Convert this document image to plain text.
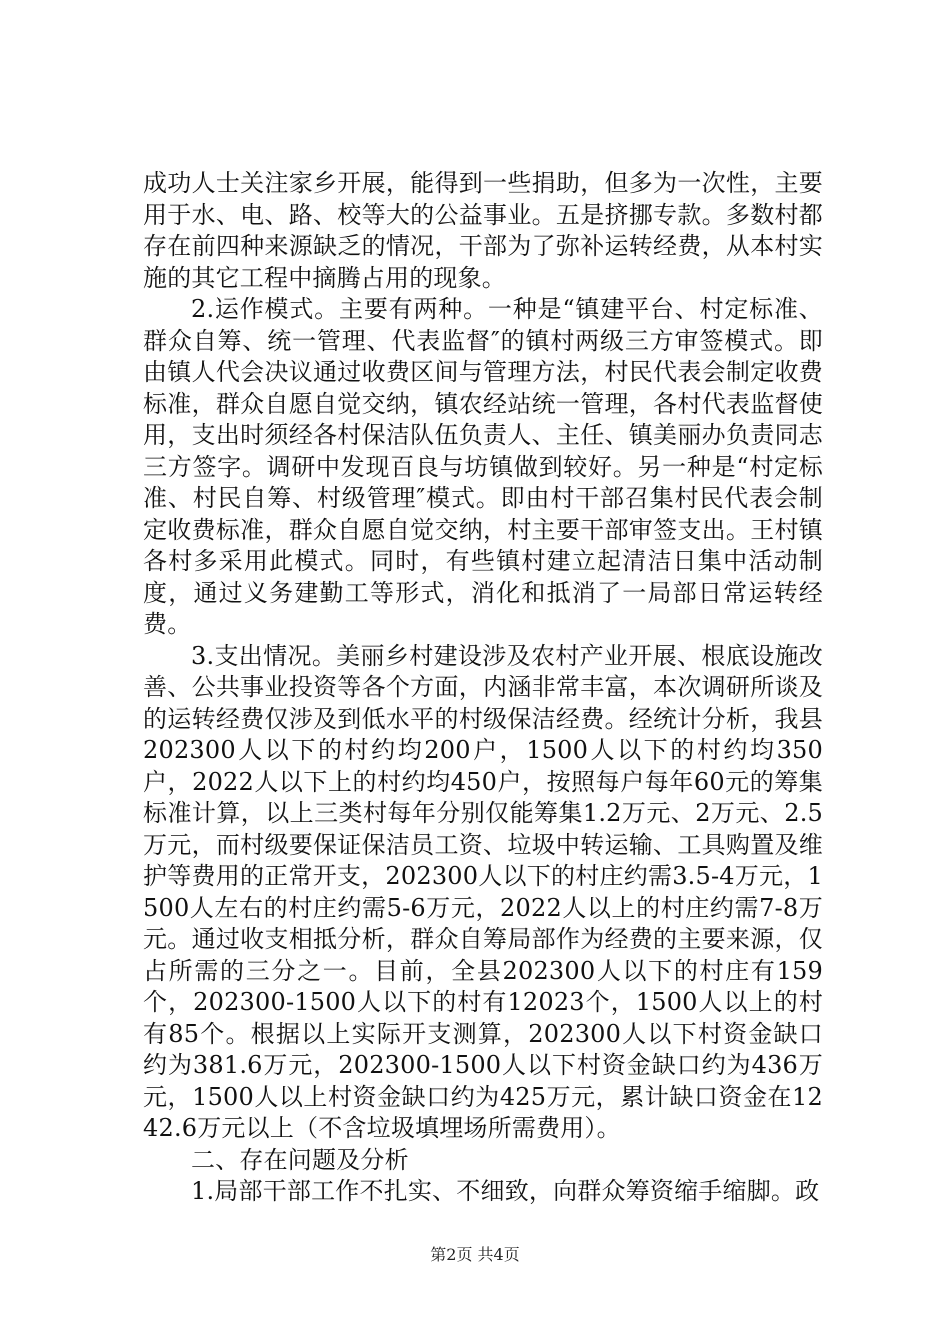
成功人士关注家乡开展，能得到一些捐助，但多为一次性，主要用于水、电、路、校等大的公益事业。五是挤挪专款。多数村都存在前四种来源缺乏的情况，干部为了弥补运转经费，从本村实施的其它工程中摘腾占用的现象。

2.运作模式。主要有两种。一种是“镇建平台、村定标准、群众自筹、统一管理、代表监督″的镇村两级三方审签模式。即由镇人代会决议通过收费区间与管理方法，村民代表会制定收费标准，群众自愿自觉交纳，镇农经站统一管理，各村代表监督使用，支出时须经各村保洁队伍负责人、主任、镇美丽办负责同志三方签字。调研中发现百良与坊镇做到较好。另一种是“村定标准、村民自筹、村级管理″模式。即由村干部召集村民代表会制定收费标准，群众自愿自觉交纳，村主要干部审签支出。王村镇各村多采用此模式。同时，有些镇村建立起清洁日集中活动制度，通过义务建勤工等形式，消化和抵消了一局部日常运转经费。

3.支出情况。美丽乡村建设涉及农村产业开展、根底设施改善、公共事业投资等各个方面，内涵非常丰富，本次调研所谈及的运转经费仅涉及到低水平的村级保洁经费。经统计分析，我县202300人以下的村约均200户，1500人以下的村约均350户，2022人以下上的村约均450户，按照每户每年60元的筹集标准计算，以上三类村每年分别仅能筹集1.2万元、2万元、2.5万元，而村级要保证保洁员工资、垃圾中转运输、工具购置及维护等费用的正常开支，202300人以下的村庄约需3.5-4万元，1500人左右的村庄约需5-6万元，2022人以上的村庄约需7-8万元。通过收支相抵分析，群众自筹局部作为经费的主要来源，仅占所需的三分之一。目前，全县202300人以下的村庄有159个，202300-1500人以下的村有12023个，1500人以上的村有85个。根据以上实际开支测算，202300人以下村资金缺口约为381.6万元，202300-1500人以下村资金缺口约为436万元，1500人以上村资金缺口约为425万元，累计缺口资金在1242.6万元以上（不含垃圾填埋场所需费用）。

二、存在问题及分析

1.局部干部工作不扎实、不细致，向群众筹资缩手缩脚。政

第2页 共4页
